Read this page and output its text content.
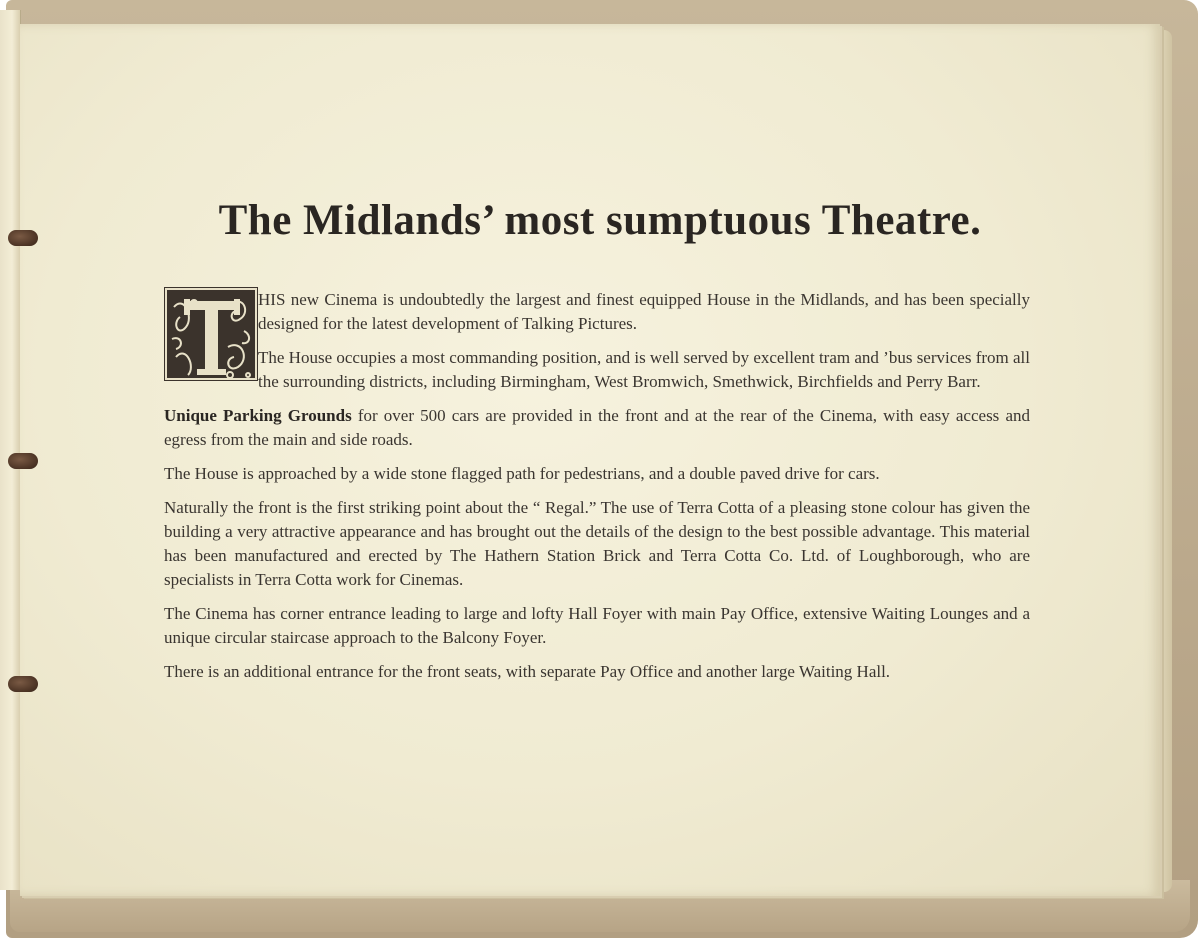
The Midlands’ most sumptuous Theatre.

HIS new Cinema is undoubtedly the largest and finest equipped House in the Midlands, and has been specially designed for the latest development of Talking Pictures.

The House occupies a most commanding position, and is well served by excellent tram and ’bus services from all the surrounding districts, including Birmingham, West Bromwich, Smethwick, Birchfields and Perry Barr.

Unique Parking Grounds for over 500 cars are provided in the front and at the rear of the Cinema, with easy access and egress from the main and side roads.

The House is approached by a wide stone flagged path for pedestrians, and a double paved drive for cars.

Naturally the front is the first striking point about the “ Regal.” The use of Terra Cotta of a pleasing stone colour has given the building a very attractive appearance and has brought out the details of the design to the best possible advantage. This material has been manufactured and erected by The Hathern Station Brick and Terra Cotta Co. Ltd. of Loughborough, who are specialists in Terra Cotta work for Cinemas.

The Cinema has corner entrance leading to large and lofty Hall Foyer with main Pay Office, extensive Waiting Lounges and a unique circular staircase approach to the Balcony Foyer.

There is an additional entrance for the front seats, with separate Pay Office and another large Waiting Hall.
